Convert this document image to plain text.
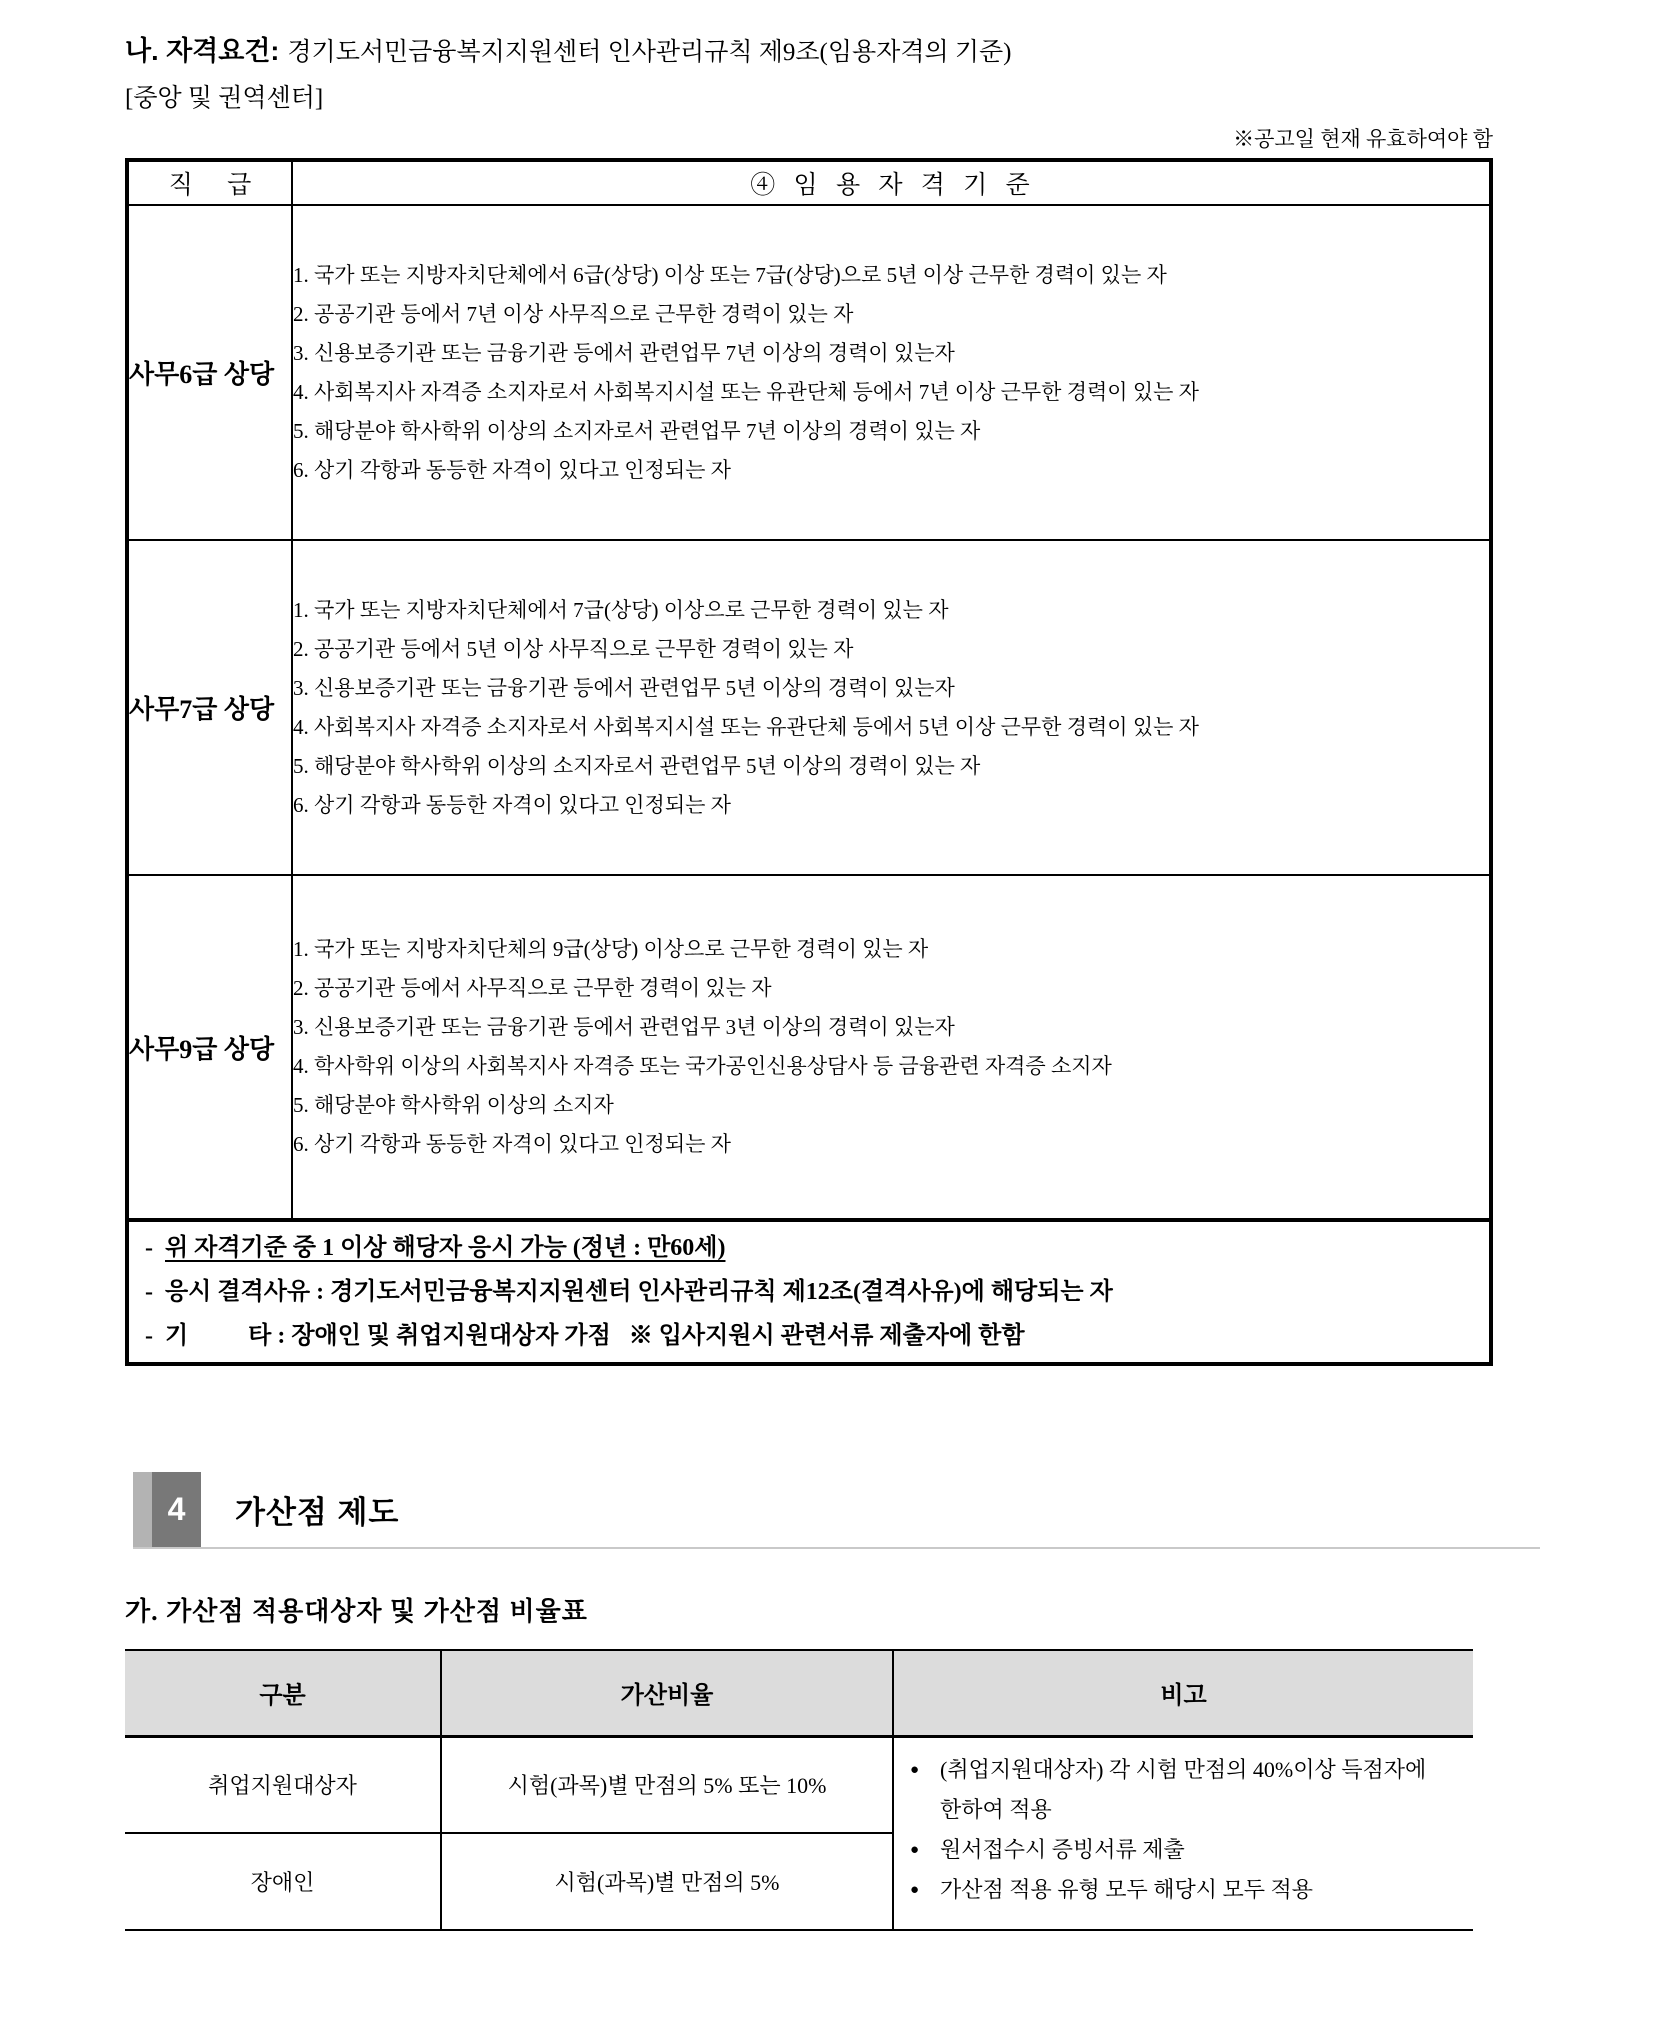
나. 자격요건: 경기도서민금융복지지원센터 인사관리규칙 제9조(임용자격의 기준)
[중앙 및 권역센터]
※공고일 현재 유효하여야 함
직 급	④ 임 용 자 격 기 준
사무6급 상당	
1. 국가 또는 지방자치단체에서 6급(상당) 이상 또는 7급(상당)으로 5년 이상 근무한 경력이 있는 자
2. 공공기관 등에서 7년 이상 사무직으로 근무한 경력이 있는 자
3. 신용보증기관 또는 금융기관 등에서 관련업무 7년 이상의 경력이 있는자
4. 사회복지사 자격증 소지자로서 사회복지시설 또는 유관단체 등에서 7년 이상 근무한 경력이 있는 자
5. 해당분야 학사학위 이상의 소지자로서 관련업무 7년 이상의 경력이 있는 자
6. 상기 각항과 동등한 자격이 있다고 인정되는 자

사무7급 상당	
1. 국가 또는 지방자치단체에서 7급(상당) 이상으로 근무한 경력이 있는 자
2. 공공기관 등에서 5년 이상 사무직으로 근무한 경력이 있는 자
3. 신용보증기관 또는 금융기관 등에서 관련업무 5년 이상의 경력이 있는자
4. 사회복지사 자격증 소지자로서 사회복지시설 또는 유관단체 등에서 5년 이상 근무한 경력이 있는 자
5. 해당분야 학사학위 이상의 소지자로서 관련업무 5년 이상의 경력이 있는 자
6. 상기 각항과 동등한 자격이 있다고 인정되는 자

사무9급 상당	
1. 국가 또는 지방자치단체의 9급(상당) 이상으로 근무한 경력이 있는 자
2. 공공기관 등에서 사무직으로 근무한 경력이 있는 자
3. 신용보증기관 또는 금융기관 등에서 관련업무 3년 이상의 경력이 있는자
4. 학사학위 이상의 사회복지사 자격증 또는 국가공인신용상담사 등 금융관련 자격증 소지자
5. 해당분야 학사학위 이상의 소지자
6. 상기 각항과 동등한 자격이 있다고 인정되는 자

- 위 자격기준 중 1 이상 해당자 응시 가능 (정년 : 만60세)
- 응시 결격사유 : 경기도서민금융복지지원센터 인사관리규칙 제12조(결격사유)에 해당되는 자
- 기          타 : 장애인 및 취업지원대상자 가점   ※ 입사지원시 관련서류 제출자에 한함	
4	가산점 제도
가. 가산점 적용대상자 및 가산점 비율표
구분	가산비율	비고
취업지원대상자	시험(과목)별 만점의 5% 또는 10%	
● (취업지원대상자) 각 시험 만점의 40%이상 득점자에 한하여 적용
● 원서접수시 증빙서류 제출
● 가산점 적용 유형 모두 해당시 모두 적용

장애인	시험(과목)별 만점의 5%	
